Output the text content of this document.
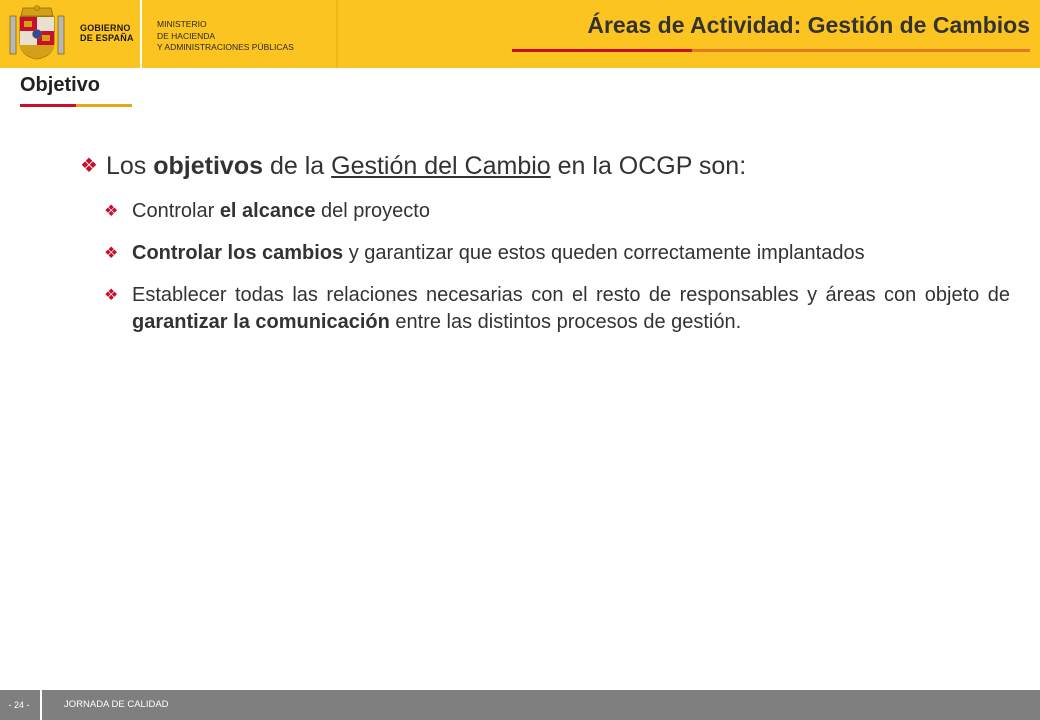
GOBIERNO
DE ESPAÑA
MINISTERIO
DE HACIENDA
Y ADMINISTRACIONES PÚBLICAS
Áreas de Actividad: Gestión de Cambios
Objetivo
❖ Los objetivos de la Gestión del Cambio en la OCGP son:
❖ Controlar el alcance del proyecto
❖ Controlar los cambios y garantizar que estos queden correctamente implantados
❖ Establecer todas las relaciones necesarias con el resto de responsables y áreas con objeto de garantizar la comunicación entre las distintos procesos de gestión.
- 24 -	JORNADA DE CALIDAD
